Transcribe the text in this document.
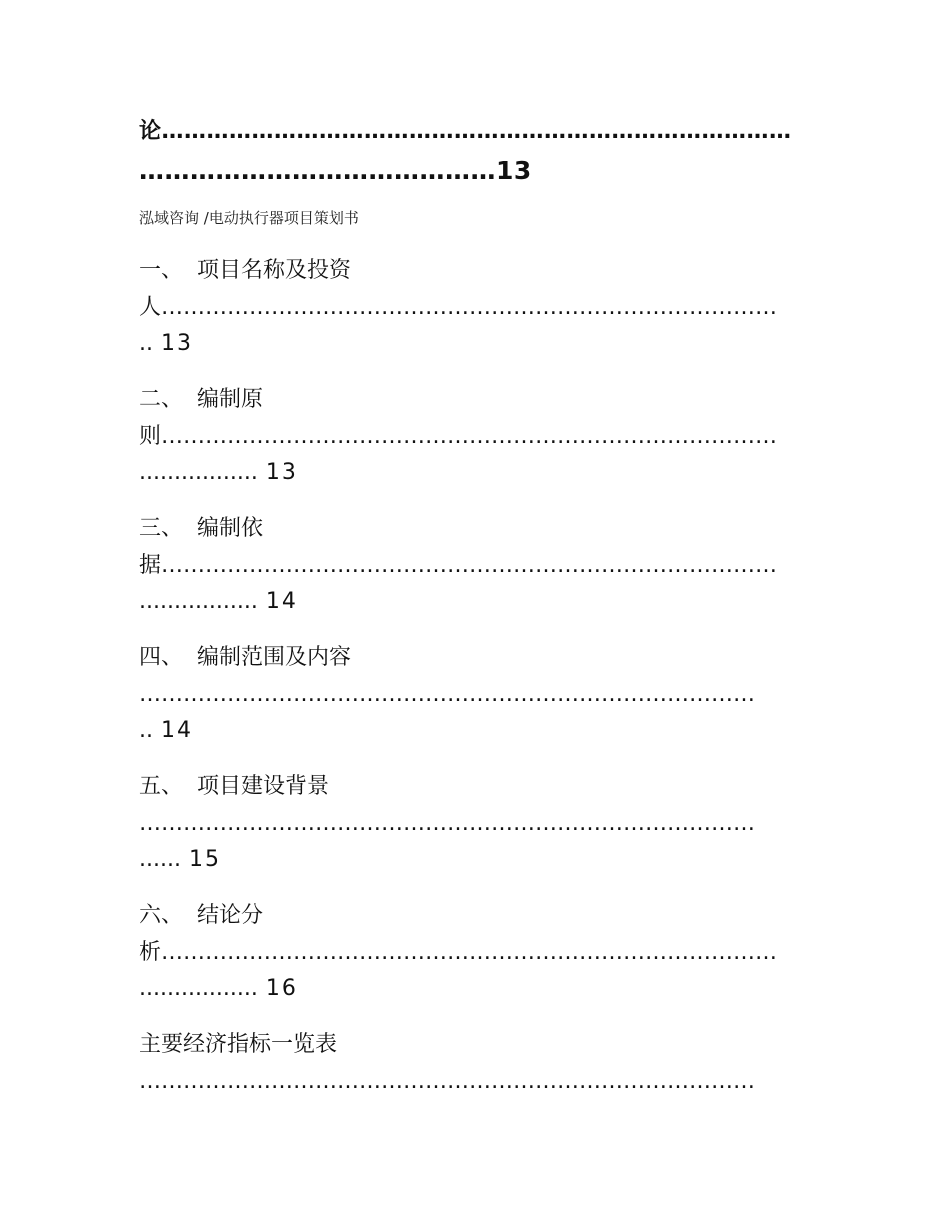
论…………………………………………………………………………
……………………………………13
泓域咨询 /电动执行器项目策划书
一、 项目名称及投资
人…………………………………………………………………………
.. 13
二、 编制原
则…………………………………………………………………………
................. 13
三、 编制依
据…………………………………………………………………………
................. 14
四、 编制范围及内容
…………………………………………………………………………
.. 14
五、 项目建设背景
…………………………………………………………………………
...... 15
六、 结论分
析…………………………………………………………………………
................. 16
主要经济指标一览表
…………………………………………………………………………
